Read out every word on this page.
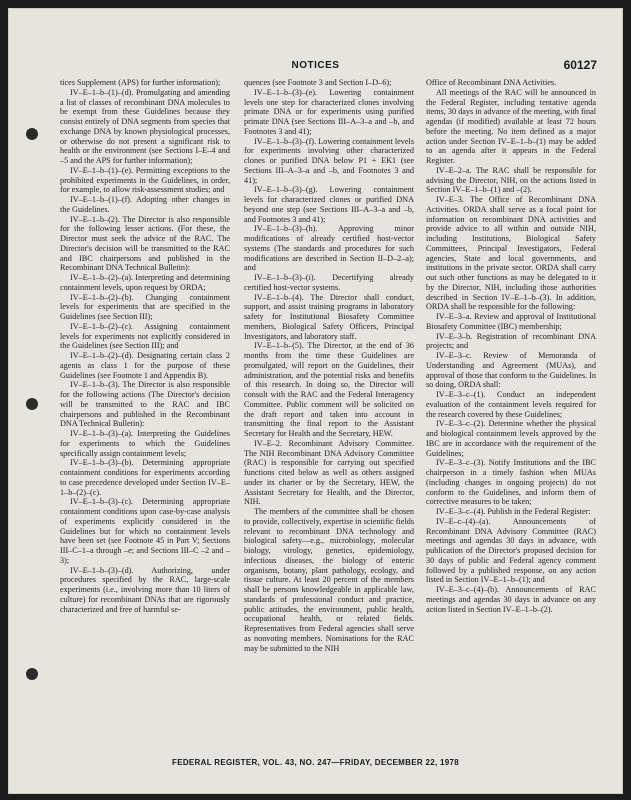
NOTICES	60127

tices Supplement (APS) for further information);

IV–E–1–b–(1)–(d). Promulgating and amending a list of classes of recombinant DNA molecules to be exempt from these Guidelines because they consist entirely of DNA segments from species that exchange DNA by known physiological processes, or otherwise do not present a significant risk to health or the environment (see Sections I–E–4 and –5 and the APS for further information);

IV–E–1–b–(1)–(e). Permitting exceptions to the prohibited experiments in the Guidelines, in order, for example, to allow risk-assessment studies; and

IV–E–1–b–(1)–(f). Adopting other changes in the Guidelines.

IV–E–1–b–(2). The Director is also responsible for the following lesser actions. (For these, the Director must seek the advice of the RAC. The Director's decision will be transmitted to the RAC and IBC chairpersons and published in the Recombinant DNA Technical Bulletin):

IV–E–1–b–(2)–(a). Interpreting and determining containment levels, upon request by ORDA;

IV–E–1–b–(2)–(b). Changing containment levels for experiments that are specified in the Guidelines (see Section III);

IV–E–1–b–(2)–(c). Assigning containment levels for experiments not explicitly considered in the Guidelines (see Section III); and

IV–E–1–b–(2)–(d). Designating certain class 2 agents as class 1 for the purpose of these Guidelines (see Footnote 1 and Appendix B).

IV–E–1–b–(3). The Director is also responsible for the following actions (The Director's decision will be transmitted to the RAC and IBC chairpersons and published in the Recombinant DNA Technical Bulletin):

IV–E–1–b–(3)–(a). Interpreting the Guidelines for experiments to which the Guidelines specifically assign containment levels;

IV–E–1–b–(3)–(b). Determining appropriate containment conditions for experiments according to case precedence developed under Section IV–E–1–b–(2)–(c).

IV–E–1–b–(3)–(c). Determining appropriate containment conditions upon case-by-case analysis of experiments explicitly considered in the Guidelines but for which no containment levels have been set (see Footnote 45 in Part V; Sections III–C–1–a through –e; and Sections III–C –2 and –3);

IV–E–1–b–(3)–(d). Authorizing, under procedures specified by the RAC, large-scale experiments (i.e., involving more than 10 liters of culture) for recombinant DNAs that are rigorously characterized and free of harmful se-

quences (see Footnote 3 and Section I–D–6);

IV–E–1–b–(3)–(e). Lowering containment levels one step for characterized clones involving primate DNA or for experiments using purified primate DNA (see Sections III–A–3–a and –b, and Footnotes 3 and 41);

IV–E–1–b–(3)–(f). Lowering containment levels for experiments involving other characterized clones or purified DNA below P1 + EK1 (see Sections III–A–3–a and –b, and Footnotes 3 and 41);

IV–E–1–b–(3)–(g). Lowering containment levels for characterized clones or purified DNA beyond one step (see Sections III–A–3–a and –b, and Footnotes 3 and 41);

IV–E–1–b–(3)–(h). Approving minor modifications of already certified host-vector systems (The standards and procedures for such modifications are described in Section II–D–2–a); and

IV–E–1–b–(3)–(i). Decertifying already certified host-vector systems.

IV–E–1–b–(4). The Director shall conduct, support, and assist training programs in laboratory safety for Institutional Biosafety Committee members, Biological Safety Officers, Principal Investigators, and laboratory staff.

IV–E–1–b–(5). The Director, at the end of 36 months from the time these Guidelines are promulgated, will report on the Guidelines, their administration, and the potential risks and benefits of this research. In doing so, the Director will consult with the RAC and the Federal Interagency Committee. Public comment will be solicited on the draft report and taken into account in transmitting the final report to the Assistant Secretary for Health and the Secretary, HEW.

IV–E–2. Recombinant Advisory Committee. The NIH Recombinant DNA Advisory Committee (RAC) is responsible for carrying out specified functions cited below as well as others assigned under its charter or by the Secretary, HEW, the Assistant Secretary for Health, and the Director, NIH.

The members of the committee shall be chosen to provide, collectively, expertise in scientific fields relevant to recombinant DNA technology and biological safety—e.g., microbiology, molecular biology, virology, genetics, epidemiology, infectious diseases, the biology of enteric organisms, botany, plant pathology, ecology, and tissue culture. At least 20 percent of the members shall be persons knowledgeable in applicable law, standards of professional conduct and practice, public attitudes, the environment, public health, occupational health, or related fields. Representatives from Federal agencies shall serve as nonvoting members. Nominations for the RAC may be submitted to the NIH

Office of Recombinant DNA Activities.

All meetings of the RAC will be announced in the Federal Register, including tentative agenda items, 30 days in advance of the meeting, with final agendas (if modified) available at least 72 hours before the meeting. No item defined as a major action under Section IV–E–1–b–(1) may be added to an agenda after it appears in the Federal Register.

IV–E–2–a. The RAC shall be responsible for advising the Director, NIH, on the actions listed in Section IV–E–1–b–(1) and –(2).

IV–E–3. The Office of Recombinant DNA Activities. ORDA shall serve as a focal point for information on recombinant DNA activities and provide advice to all within and outside NIH, including Institutions, Biological Safety Committees, Principal Investigators, Federal agencies, State and local governments, and institutions in the private sector. ORDA shall carry out such other functions as may be delegated to it by the Director, NIH, including those authorities described in Section IV–E–1–b–(3). In addition, ORDA shall be responsible for the following:

IV–E–3–a. Review and approval of Institutional Biosafety Committee (IBC) membership;

IV–E–3–b. Registration of recombinant DNA projects; and

IV–E–3–c. Review of Memoranda of Understanding and Agreement (MUAs), and approval of those that conform to the Guidelines. In so doing, ORDA shall:

IV–E–3–c–(1). Conduct an independent evaluation of the containment levels required for the research covered by these Guidelines;

IV–E–3–c–(2). Determine whether the physical and biological containment levels approved by the IBC are in accordance with the requirement of the Guidelines;

IV–E–3–c–(3). Notify Institutions and the IBC chairperson in a timely fashion when MUAs (including changes in ongoing projects) do not conform to the Guidelines, and inform them of corrective measures to be taken;

IV–E–3–c–(4). Publish in the Federal Register:

IV–E–c–(4)–(a). Announcements of Recombinant DNA Advisory Committee (RAC) meetings and agendas 30 days in advance, with publication of the Director's proposed decision for 30 days of public and Federal agency comment followed by a published response, on any action listed in Section IV–E–1–b–(1); and

IV–E–3–c–(4)–(b). Announcements of RAC meetings and agendas 30 days in advance on any action listed in Section IV–E–1–b–(2).

FEDERAL REGISTER, VOL. 43, NO. 247—FRIDAY, DECEMBER 22, 1978
